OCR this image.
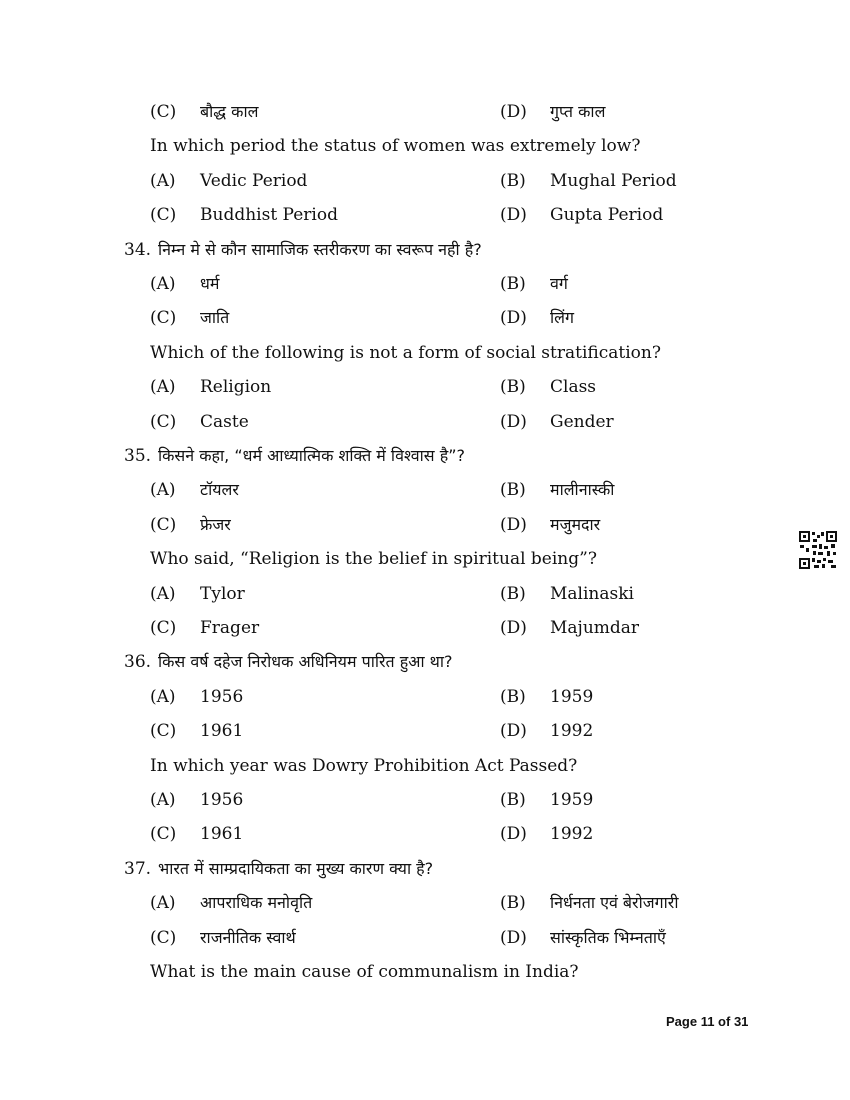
(C) बौद्ध काल	(D) गुप्त काल
In which period the status of women was extremely low?
(A) Vedic Period	(B) Mughal Period
(C) Buddhist Period	(D) Gupta Period
34. निम्न मे से कौन सामाजिक स्तरीकरण का स्वरूप नही है?
(A) धर्म	(B) वर्ग
(C) जाति	(D) लिंग
Which of the following is not a form of social stratification?
(A) Religion	(B) Class
(C) Caste	(D) Gender
35. किसने कहा, “धर्म आध्यात्मिक शक्ति में विश्वास है”?
(A) टॉयलर	(B) मालीनास्की
(C) फ्रेजर	(D) मजुमदार
Who said, “Religion is the belief in spiritual being”?
(A) Tylor	(B) Malinaski
(C) Frager	(D) Majumdar
36. किस वर्ष दहेज निरोधक अधिनियम पारित हुआ था?
(A) 1956	(B) 1959
(C) 1961	(D) 1992
In which year was Dowry Prohibition Act Passed?
(A) 1956	(B) 1959
(C) 1961	(D) 1992
37. भारत में साम्प्रदायिकता का मुख्य कारण क्या है?
(A) आपराधिक मनोवृति	(B) निर्धनता एवं बेरोजगारी
(C) राजनीतिक स्वार्थ	(D) सांस्कृतिक भिम्नताएँ
What is the main cause of communalism in India?
Page 11 of 31
